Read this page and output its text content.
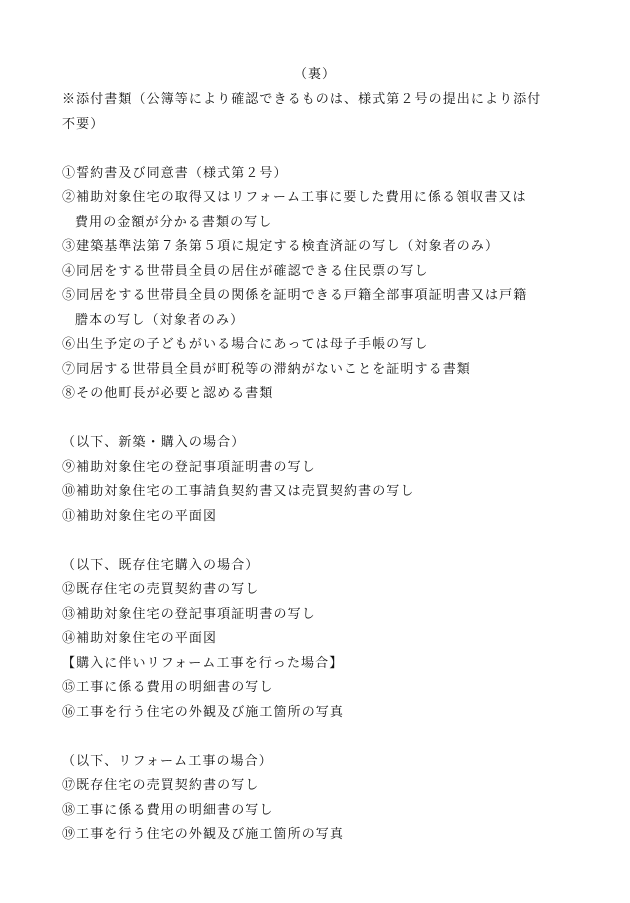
（裏）
※添付書類（公簿等により確認できるものは、様式第２号の提出により添付
不要）
①誓約書及び同意書（様式第２号）
②補助対象住宅の取得又はリフォーム工事に要した費用に係る領収書又は
費用の金額が分かる書類の写し
③建築基準法第７条第５項に規定する検査済証の写し（対象者のみ）
④同居をする世帯員全員の居住が確認できる住民票の写し
⑤同居をする世帯員全員の関係を証明できる戸籍全部事項証明書又は戸籍
謄本の写し（対象者のみ）
⑥出生予定の子どもがいる場合にあっては母子手帳の写し
⑦同居する世帯員全員が町税等の滞納がないことを証明する書類
⑧その他町長が必要と認める書類
（以下、新築・購入の場合）
⑨補助対象住宅の登記事項証明書の写し
⑩補助対象住宅の工事請負契約書又は売買契約書の写し
⑪補助対象住宅の平面図
（以下、既存住宅購入の場合）
⑫既存住宅の売買契約書の写し
⑬補助対象住宅の登記事項証明書の写し
⑭補助対象住宅の平面図
【購入に伴いリフォーム工事を行った場合】
⑮工事に係る費用の明細書の写し
⑯工事を行う住宅の外観及び施工箇所の写真
（以下、リフォーム工事の場合）
⑰既存住宅の売買契約書の写し
⑱工事に係る費用の明細書の写し
⑲工事を行う住宅の外観及び施工箇所の写真
